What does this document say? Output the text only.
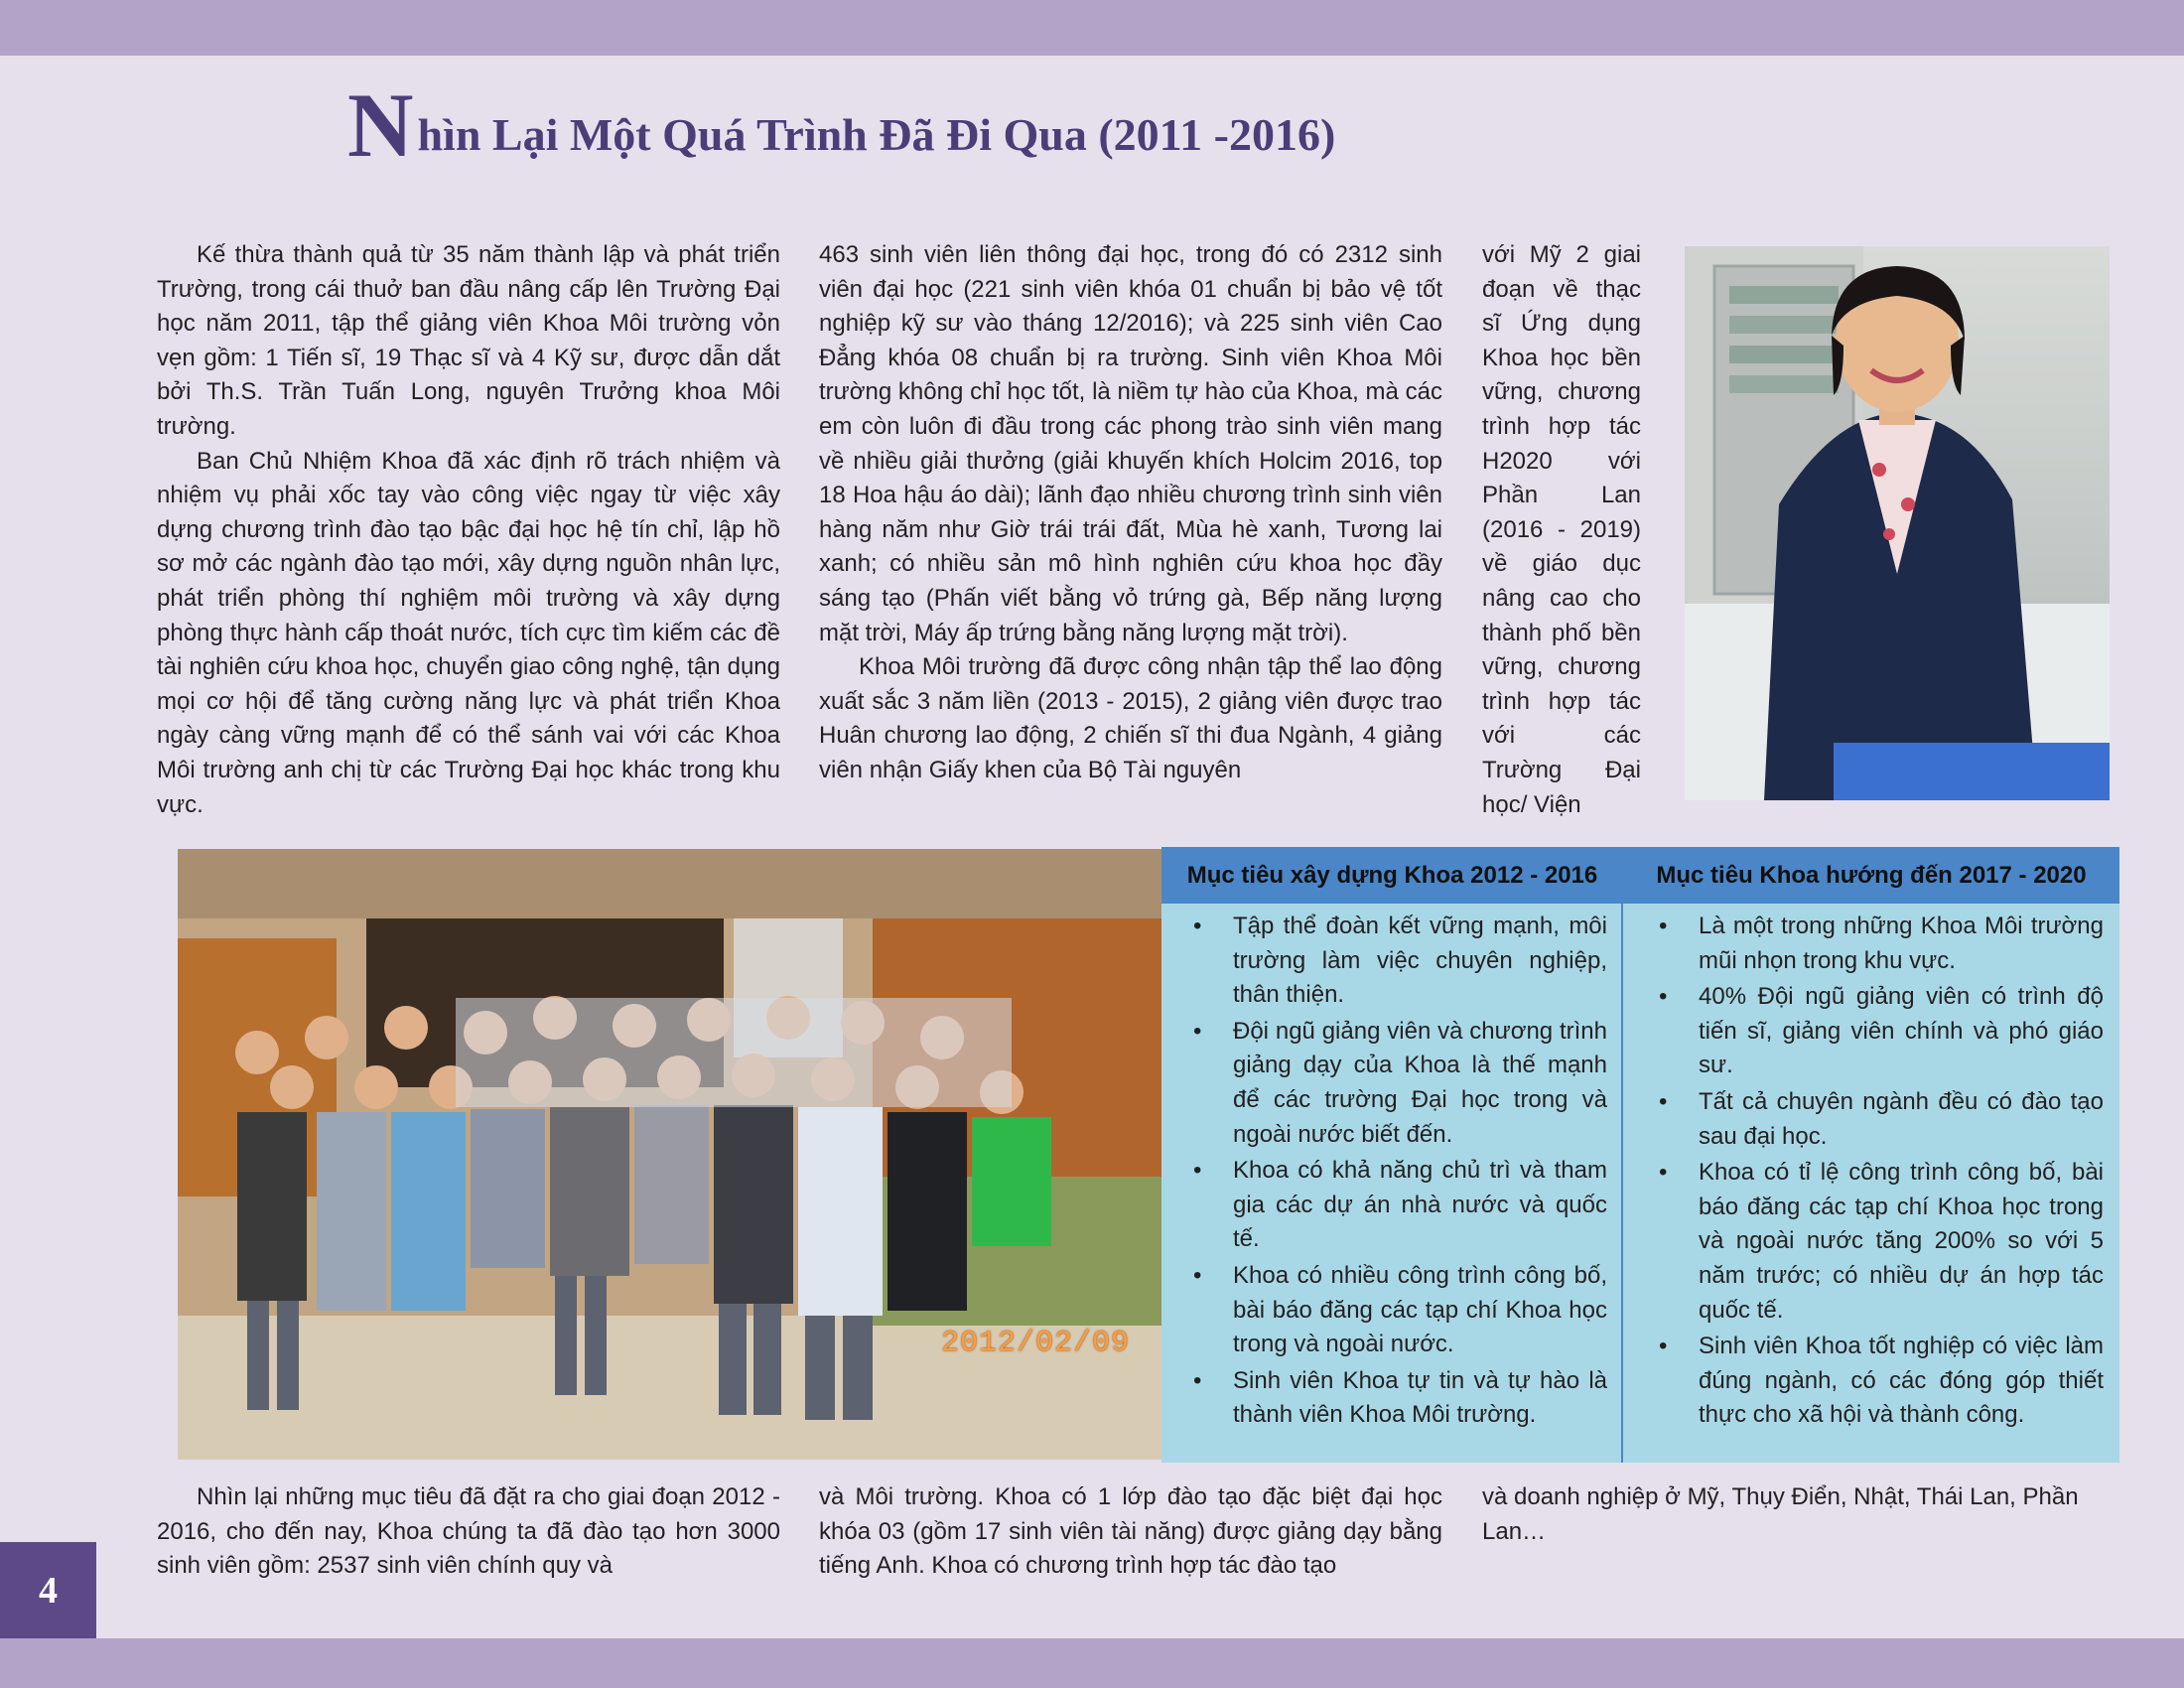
Nhìn Lại Một Quá Trình Đã Đi Qua (2011 -2016)

Kế thừa thành quả từ 35 năm thành lập và phát triển Trường, trong cái thuở ban đầu nâng cấp lên Trường Đại học năm 2011, tập thể giảng viên Khoa Môi trường vỏn vẹn gồm: 1 Tiến sĩ, 19 Thạc sĩ và 4 Kỹ sư, được dẫn dắt bởi Th.S. Trần Tuấn Long, nguyên Trưởng khoa Môi trường.

Ban Chủ Nhiệm Khoa đã xác định rõ trách nhiệm và nhiệm vụ phải xốc tay vào công việc ngay từ việc xây dựng chương trình đào tạo bậc đại học hệ tín chỉ, lập hồ sơ mở các ngành đào tạo mới, xây dựng nguồn nhân lực, phát triển phòng thí nghiệm môi trường và xây dựng phòng thực hành cấp thoát nước, tích cực tìm kiếm các đề tài nghiên cứu khoa học, chuyển giao công nghệ, tận dụng mọi cơ hội để tăng cường năng lực và phát triển Khoa ngày càng vững mạnh để có thể sánh vai với các Khoa Môi trường anh chị từ các Trường Đại học khác trong khu vực.

463 sinh viên liên thông đại học, trong đó có 2312 sinh viên đại học (221 sinh viên khóa 01 chuẩn bị bảo vệ tốt nghiệp kỹ sư vào tháng 12/2016); và 225 sinh viên Cao Đẳng khóa 08 chuẩn bị ra trường. Sinh viên Khoa Môi trường không chỉ học tốt, là niềm tự hào của Khoa, mà các em còn luôn đi đầu trong các phong trào sinh viên mang về nhiều giải thưởng (giải khuyến khích Holcim 2016, top 18 Hoa hậu áo dài); lãnh đạo nhiều chương trình sinh viên hàng năm như Giờ trái trái đất, Mùa hè xanh, Tương lai xanh; có nhiều sản mô hình nghiên cứu khoa học đầy sáng tạo (Phấn viết bằng vỏ trứng gà, Bếp năng lượng mặt trời, Máy ấp trứng bằng năng lượng mặt trời).

Khoa Môi trường đã được công nhận tập thể lao động xuất sắc 3 năm liền (2013 - 2015), 2 giảng viên được trao Huân chương lao động, 2 chiến sĩ thi đua Ngành, 4 giảng viên nhận Giấy khen của Bộ Tài nguyên

với Mỹ 2 giai đoạn về thạc sĩ Ứng dụng Khoa học bền vững, chương trình hợp tác H2020 với Phần Lan (2016 - 2019) về giáo dục nâng cao cho thành phố bền vững, chương trình hợp tác với các Trường Đại học/ Viện

2012/02/09
Mục tiêu xây dựng Khoa 2012 - 2016	Mục tiêu Khoa hướng đến 2017 - 2020
• Tập thể đoàn kết vững mạnh, môi trường làm việc chuyên nghiệp, thân thiện.
• Đội ngũ giảng viên và chương trình giảng dạy của Khoa là thế mạnh để các trường Đại học trong và ngoài nước biết đến.
• Khoa có khả năng chủ trì và tham gia các dự án nhà nước và quốc tế.
• Khoa có nhiều công trình công bố, bài báo đăng các tạp chí Khoa học trong và ngoài nước.
• Sinh viên Khoa tự tin và tự hào là thành viên Khoa Môi trường.
• Là một trong những Khoa Môi trường mũi nhọn trong khu vực.
• 40% Đội ngũ giảng viên có trình độ tiến sĩ, giảng viên chính và phó giáo sư.
• Tất cả chuyên ngành đều có đào tạo sau đại học.
• Khoa có tỉ lệ công trình công bố, bài báo đăng các tạp chí Khoa học trong và ngoài nước tăng 200% so với 5 năm trước; có nhiều dự án hợp tác quốc tế.
• Sinh viên Khoa tốt nghiệp có việc làm đúng ngành, có các đóng góp thiết thực cho xã hội và thành công.

Nhìn lại những mục tiêu đã đặt ra cho giai đoạn 2012 - 2016, cho đến nay, Khoa chúng ta đã đào tạo hơn 3000 sinh viên gồm: 2537 sinh viên chính quy và

và Môi trường. Khoa có 1 lớp đào tạo đặc biệt đại học khóa 03 (gồm 17 sinh viên tài năng) được giảng dạy bằng tiếng Anh. Khoa có chương trình hợp tác đào tạo

và doanh nghiệp ở Mỹ, Thụy Điển, Nhật, Thái Lan, Phần Lan…

4
